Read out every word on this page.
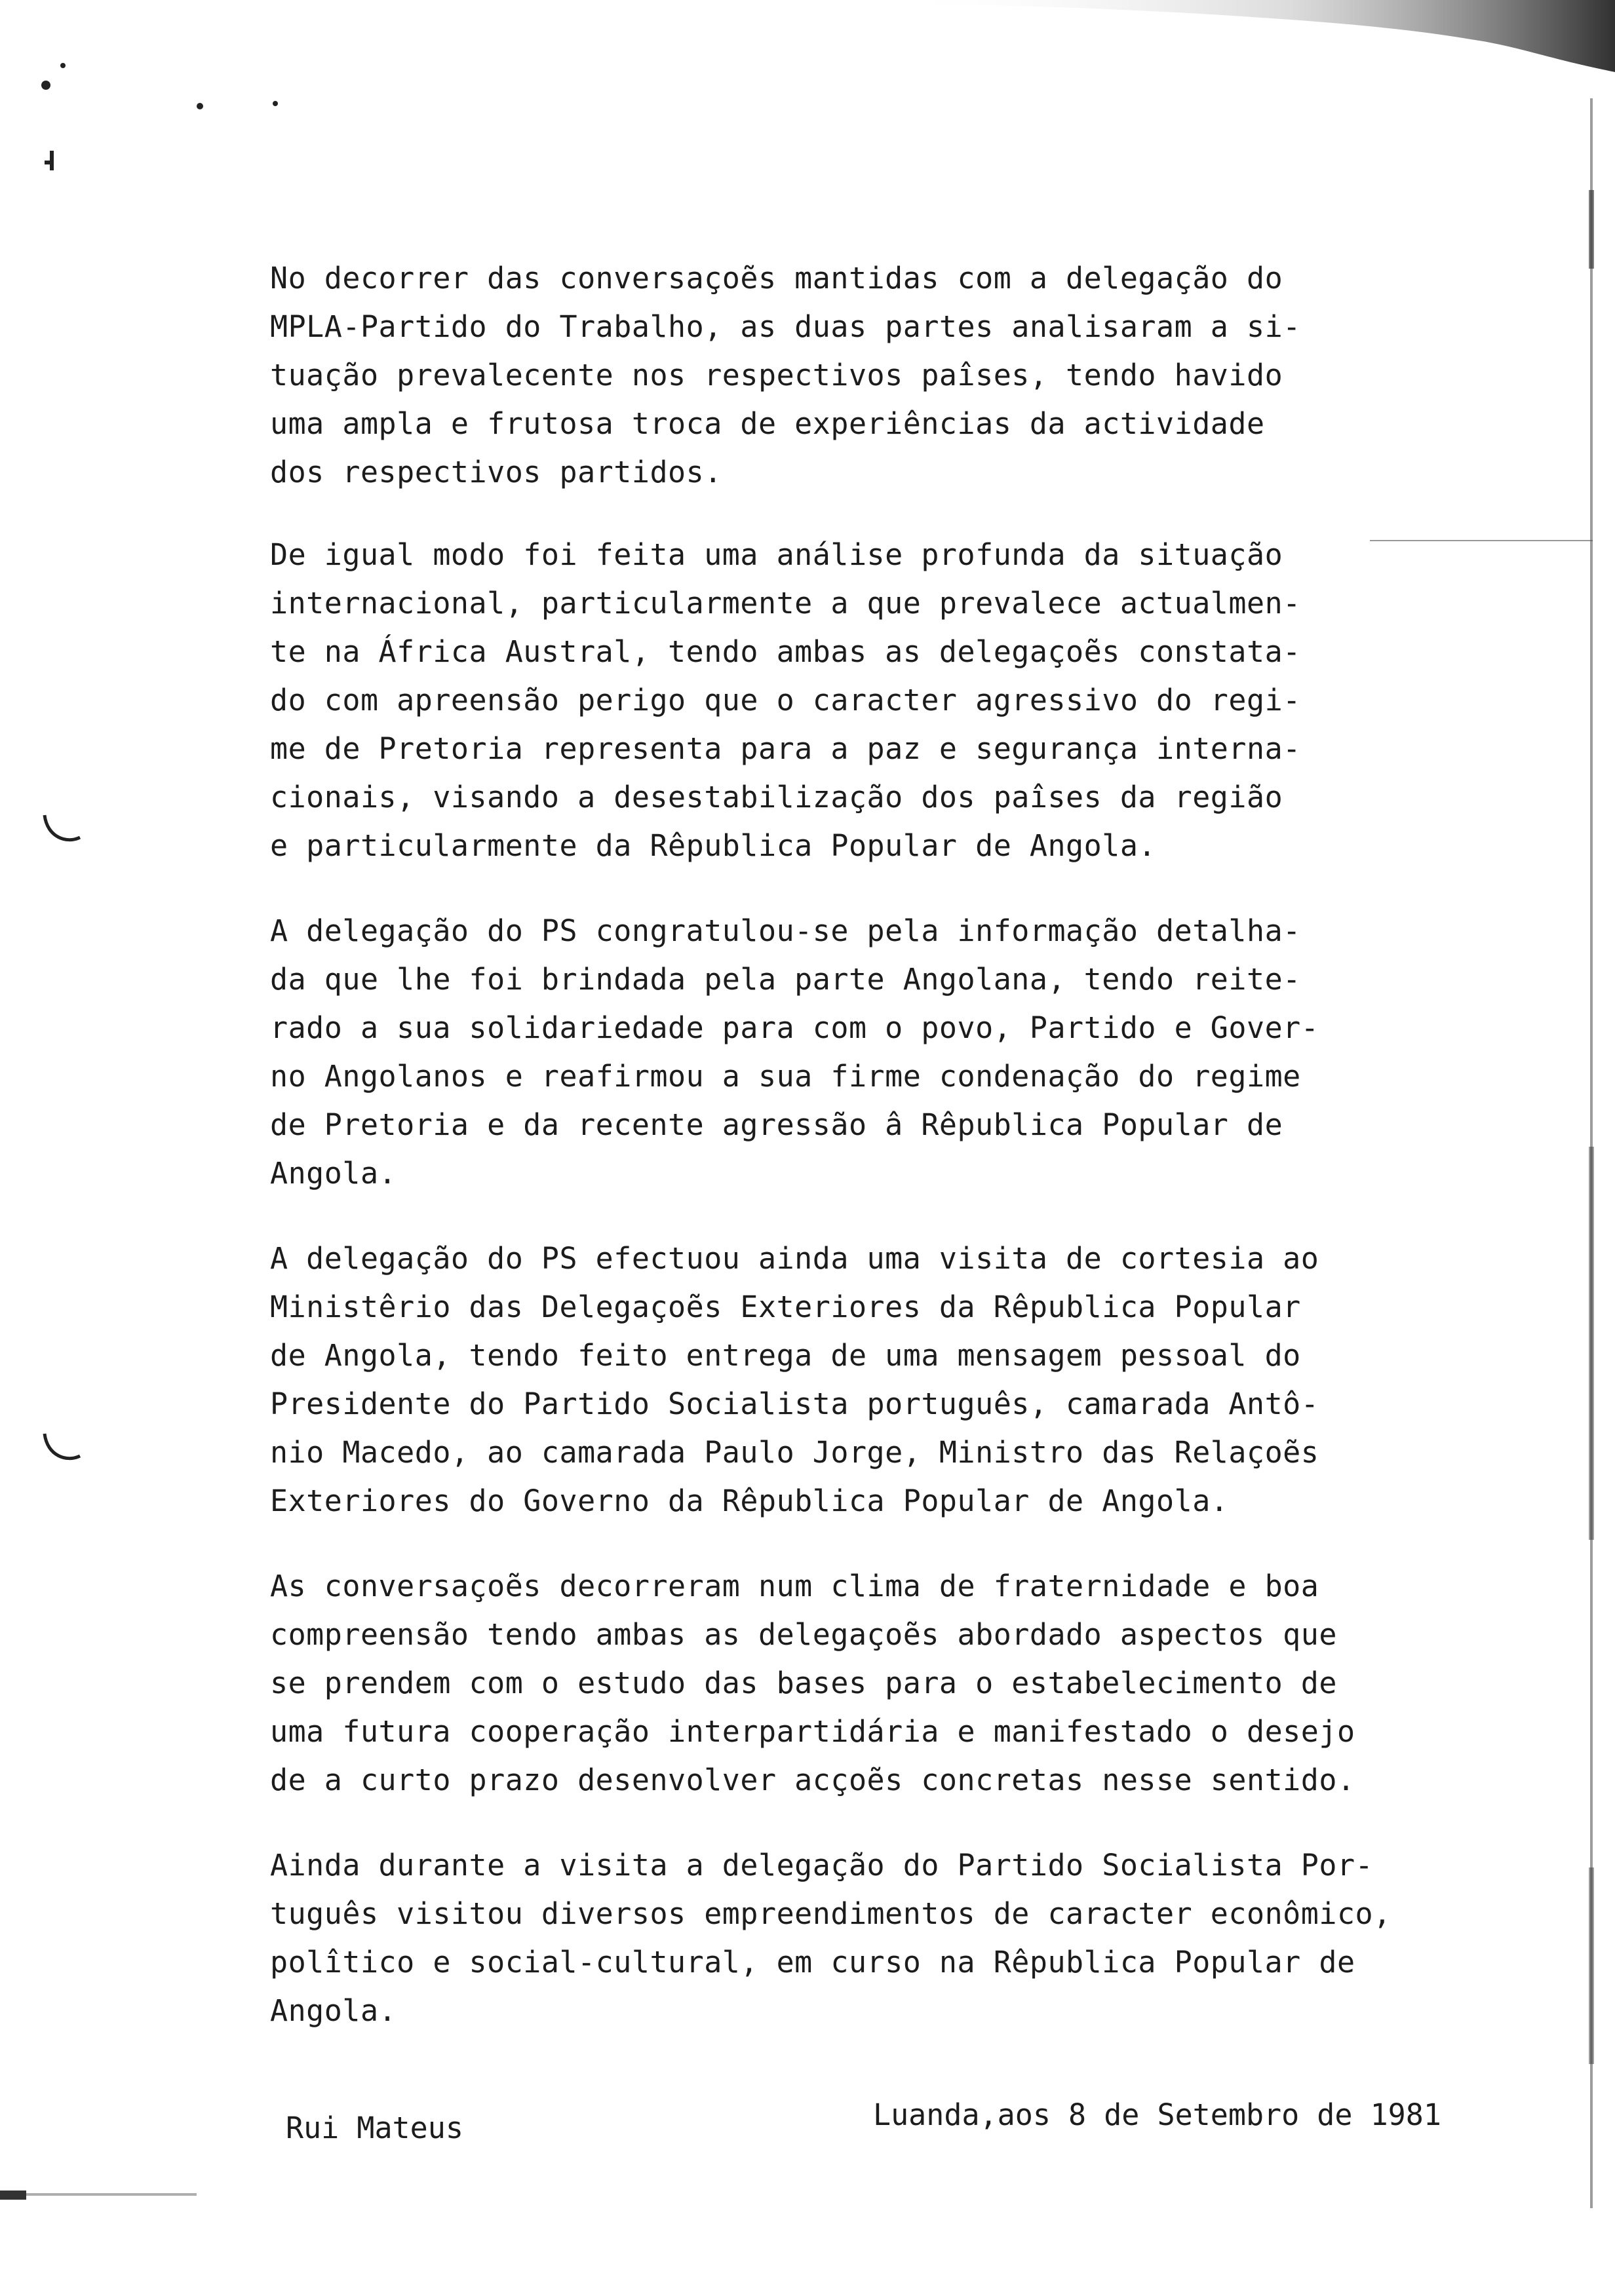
No decorrer das conversaçoẽs mantidas com a delegação do
MPLA-Partido do Trabalho, as duas partes analisaram a si-
tuação prevalecente nos respectivos paîses, tendo havido
uma ampla e frutosa troca de experiências da actividade
dos respectivos partidos.

De igual modo foi feita uma análise profunda da situação
internacional, particularmente a que prevalece actualmen-
te na África Austral, tendo ambas as delegaçoẽs constata-
do com apreensão perigo que o caracter agressivo do regi-
me de Pretoria representa para a paz e segurança interna-
cionais, visando a desestabilização dos paîses da região
e particularmente da Rêpublica Popular de Angola.

A delegação do PS congratulou-se pela informação detalha-
da que lhe foi brindada pela parte Angolana, tendo reite-
rado a sua solidariedade para com o povo, Partido e Gover-
no Angolanos e reafirmou a sua firme condenação do regime
de Pretoria e da recente agressão â Rêpublica Popular de
Angola.

A delegação do PS efectuou ainda uma visita de cortesia ao
Ministêrio das Delegaçoẽs Exteriores da Rêpublica Popular
de Angola, tendo feito entrega de uma mensagem pessoal do
Presidente do Partido Socialista português, camarada Antô-
nio Macedo, ao camarada Paulo Jorge, Ministro das Relaçoẽs
Exteriores do Governo da Rêpublica Popular de Angola.

As conversaçoẽs decorreram num clima de fraternidade e boa
compreensão tendo ambas as delegaçoẽs abordado aspectos que
se prendem com o estudo das bases para o estabelecimento de
uma futura cooperação interpartidária e manifestado o desejo
de a curto prazo desenvolver acçoẽs concretas nesse sentido.

Ainda durante a visita a delegação do Partido Socialista Por-
tuguês visitou diversos empreendimentos de caracter econômico,
polîtico e social-cultural, em curso na Rêpublica Popular de
Angola.

Rui Mateus	Luanda,aos 8 de Setembro de 1981
